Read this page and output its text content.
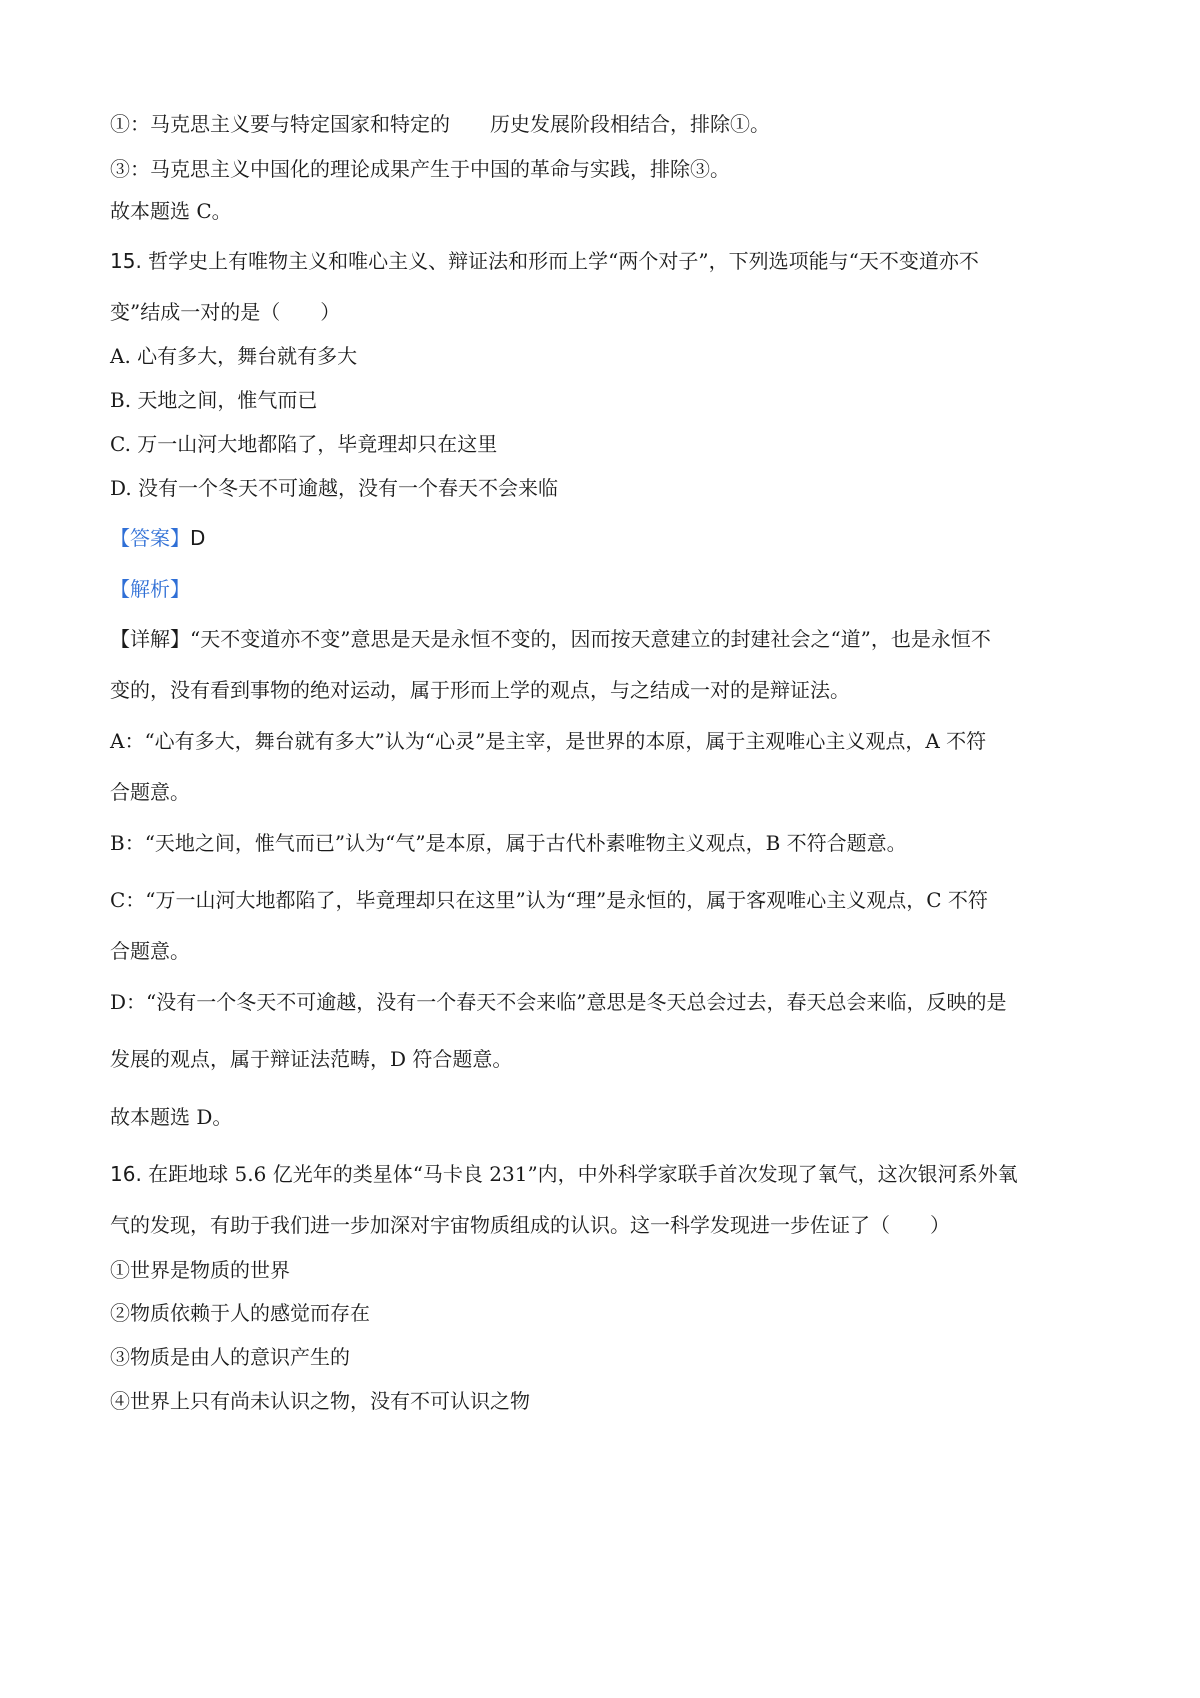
①：马克思主义要与特定国家和特定的 历史发展阶段相结合，排除①。
③：马克思主义中国化的理论成果产生于中国的革命与实践，排除③。
故本题选 C。
15. 哲学史上有唯物主义和唯心主义、辩证法和形而上学“两个对子”，下列选项能与“天不变道亦不
变”结成一对的是（　　）
A. 心有多大，舞台就有多大
B. 天地之间，惟气而已
C. 万一山河大地都陷了，毕竟理却只在这里
D. 没有一个冬天不可逾越，没有一个春天不会来临
【答案】D
【解析】
【详解】“天不变道亦不变”意思是天是永恒不变的，因而按天意建立的封建社会之“道”，也是永恒不
变的，没有看到事物的绝对运动，属于形而上学的观点，与之结成一对的是辩证法。
A：“心有多大，舞台就有多大”认为“心灵”是主宰，是世界的本原，属于主观唯心主义观点，A 不符
合题意。
B：“天地之间，惟气而已”认为“气”是本原，属于古代朴素唯物主义观点，B 不符合题意。
C：“万一山河大地都陷了，毕竟理却只在这里”认为“理”是永恒的，属于客观唯心主义观点，C 不符
合题意。
D：“没有一个冬天不可逾越，没有一个春天不会来临”意思是冬天总会过去，春天总会来临，反映的是
发展的观点，属于辩证法范畴，D 符合题意。
故本题选 D。
16. 在距地球 5.6 亿光年的类星体“马卡良 231”内，中外科学家联手首次发现了氧气，这次银河系外氧
气的发现，有助于我们进一步加深对宇宙物质组成的认识。这一科学发现进一步佐证了（　　）
①世界是物质的世界
②物质依赖于人的感觉而存在
③物质是由人的意识产生的
④世界上只有尚未认识之物，没有不可认识之物
